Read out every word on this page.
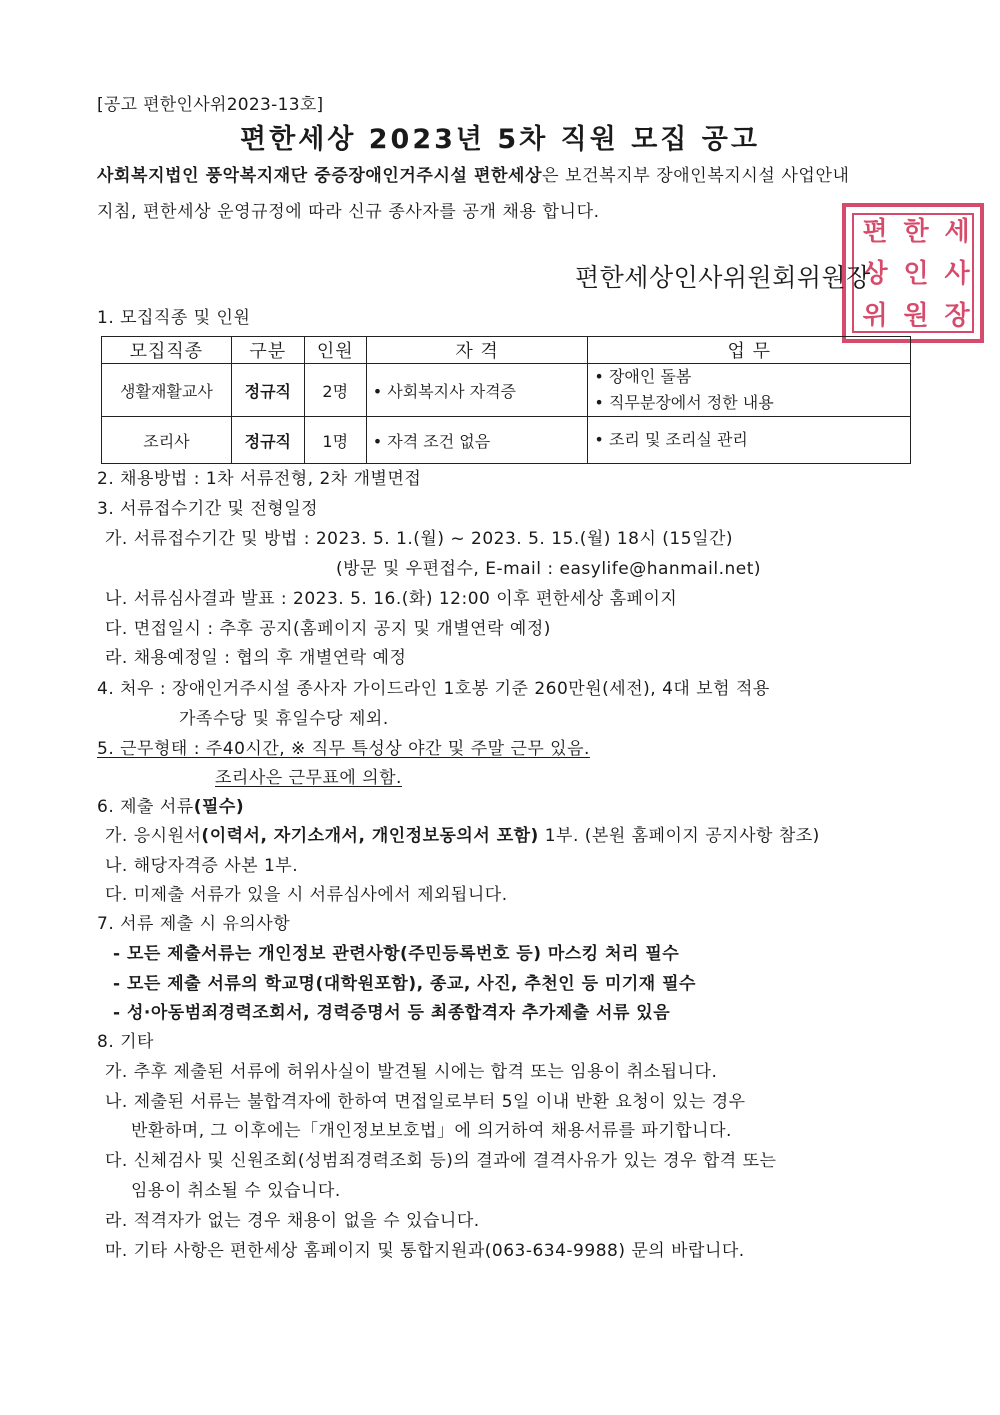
[공고 편한인사위2023-13호]
편한세상 2023년 5차 직원 모집 공고
사회복지법인 풍악복지재단 중증장애인거주시설 편한세상은 보건복지부 장애인복지시설 사업안내
지침, 편한세상 운영규정에 따라 신규 종사자를 공개 채용 합니다.
편 한 세
상 인 사
위 원 장
편한세상인사위원회위원장
1. 모집직종 및 인원
모집직종	구분	인원	자 격	업 무
생활재활교사	정규직	2명	• 사회복지사 자격증	• 장애인 돌봄
• 직무분장에서 정한 내용

조리사	정규직	1명	• 자격 조건 없음	• 조리 및 조리실 관리
2. 채용방법 : 1차 서류전형, 2차 개별면접
3. 서류접수기간 및 전형일정
가. 서류접수기간 및 방법 : 2023. 5. 1.(월) ~ 2023. 5. 15.(월) 18시 (15일간)
(방문 및 우편접수, E-mail : easylife@hanmail.net)
나. 서류심사결과 발표 : 2023. 5. 16.(화) 12:00 이후 편한세상 홈페이지
다. 면접일시 : 추후 공지(홈페이지 공지 및 개별연락 예정)
라. 채용예정일 : 협의 후 개별연락 예정
4. 처우 : 장애인거주시설 종사자 가이드라인 1호봉 기준 260만원(세전), 4대 보험 적용
가족수당 및 휴일수당 제외.
5. 근무형태 : 주40시간, ※ 직무 특성상 야간 및 주말 근무 있음.
조리사은 근무표에 의함.
6. 제출 서류(필수)
가. 응시원서(이력서, 자기소개서, 개인정보동의서 포함) 1부. (본원 홈페이지 공지사항 참조)
나. 해당자격증 사본 1부.
다. 미제출 서류가 있을 시 서류심사에서 제외됩니다.
7. 서류 제출 시 유의사항
- 모든 제출서류는 개인정보 관련사항(주민등록번호 등) 마스킹 처리 필수
- 모든 제출 서류의 학교명(대학원포함), 종교, 사진, 추천인 등 미기재 필수
- 성·아동범죄경력조회서, 경력증명서 등 최종합격자 추가제출 서류 있음
8. 기타
가. 추후 제출된 서류에 허위사실이 발견될 시에는 합격 또는 임용이 취소됩니다.
나. 제출된 서류는 불합격자에 한하여 면접일로부터 5일 이내 반환 요청이 있는 경우
반환하며, 그 이후에는「개인정보보호법」에 의거하여 채용서류를 파기합니다.
다. 신체검사 및 신원조회(성범죄경력조회 등)의 결과에 결격사유가 있는 경우 합격 또는
임용이 취소될 수 있습니다.
라. 적격자가 없는 경우 채용이 없을 수 있습니다.
마. 기타 사항은 편한세상 홈페이지 및 통합지원과(063-634-9988) 문의 바랍니다.
